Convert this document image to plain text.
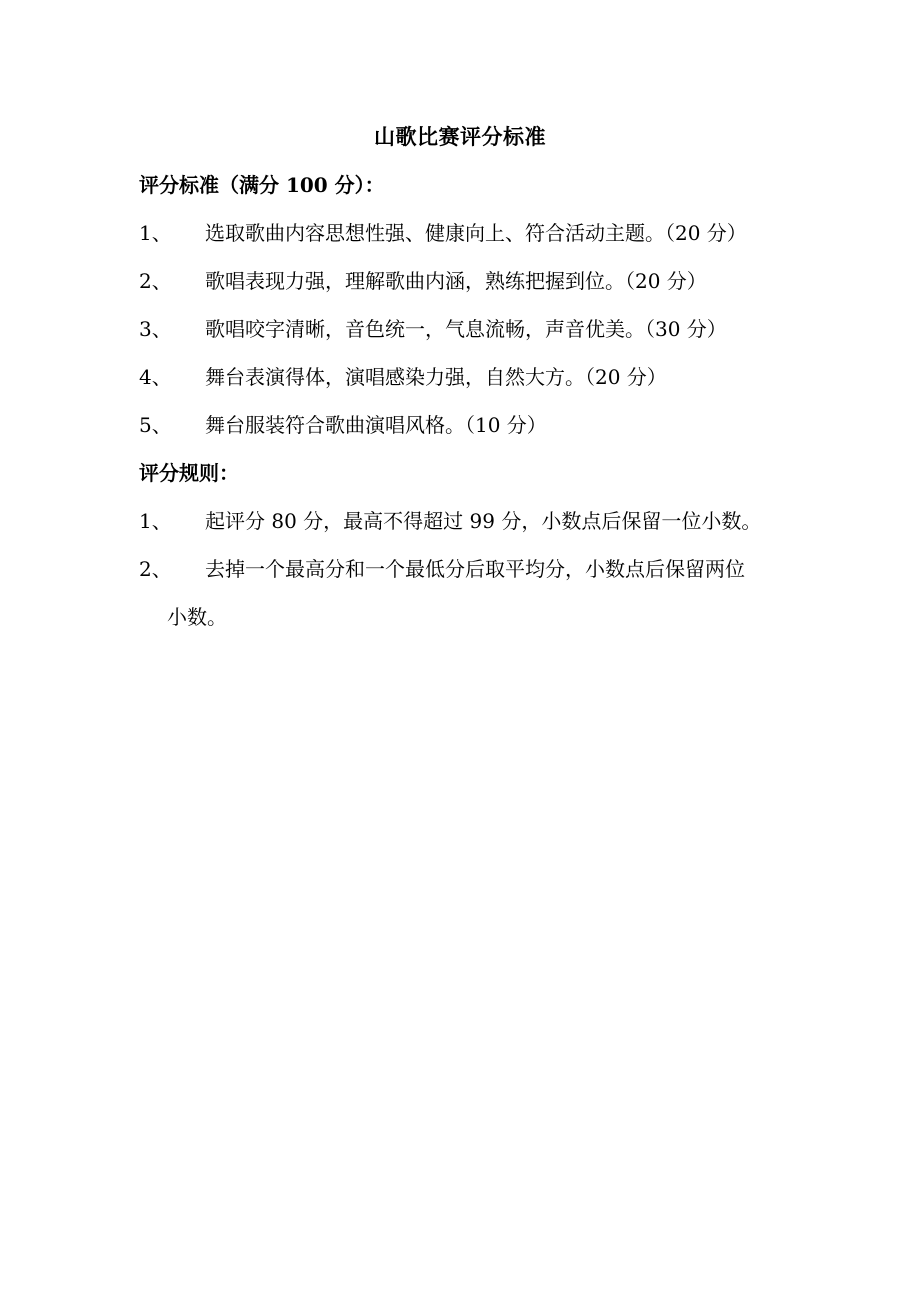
山歌比赛评分标准
评分标准（满分 100 分）：
1、 选取歌曲内容思想性强、健康向上、符合活动主题。（20 分）
2、 歌唱表现力强，理解歌曲内涵，熟练把握到位。（20 分）
3、 歌唱咬字清晰，音色统一，气息流畅，声音优美。（30 分）
4、 舞台表演得体，演唱感染力强，自然大方。（20 分）
5、 舞台服装符合歌曲演唱风格。（10 分）
评分规则：
1、 起评分 80 分，最高不得超过 99 分，小数点后保留一位小数。
2、 去掉一个最高分和一个最低分后取平均分，小数点后保留两位
小数。
